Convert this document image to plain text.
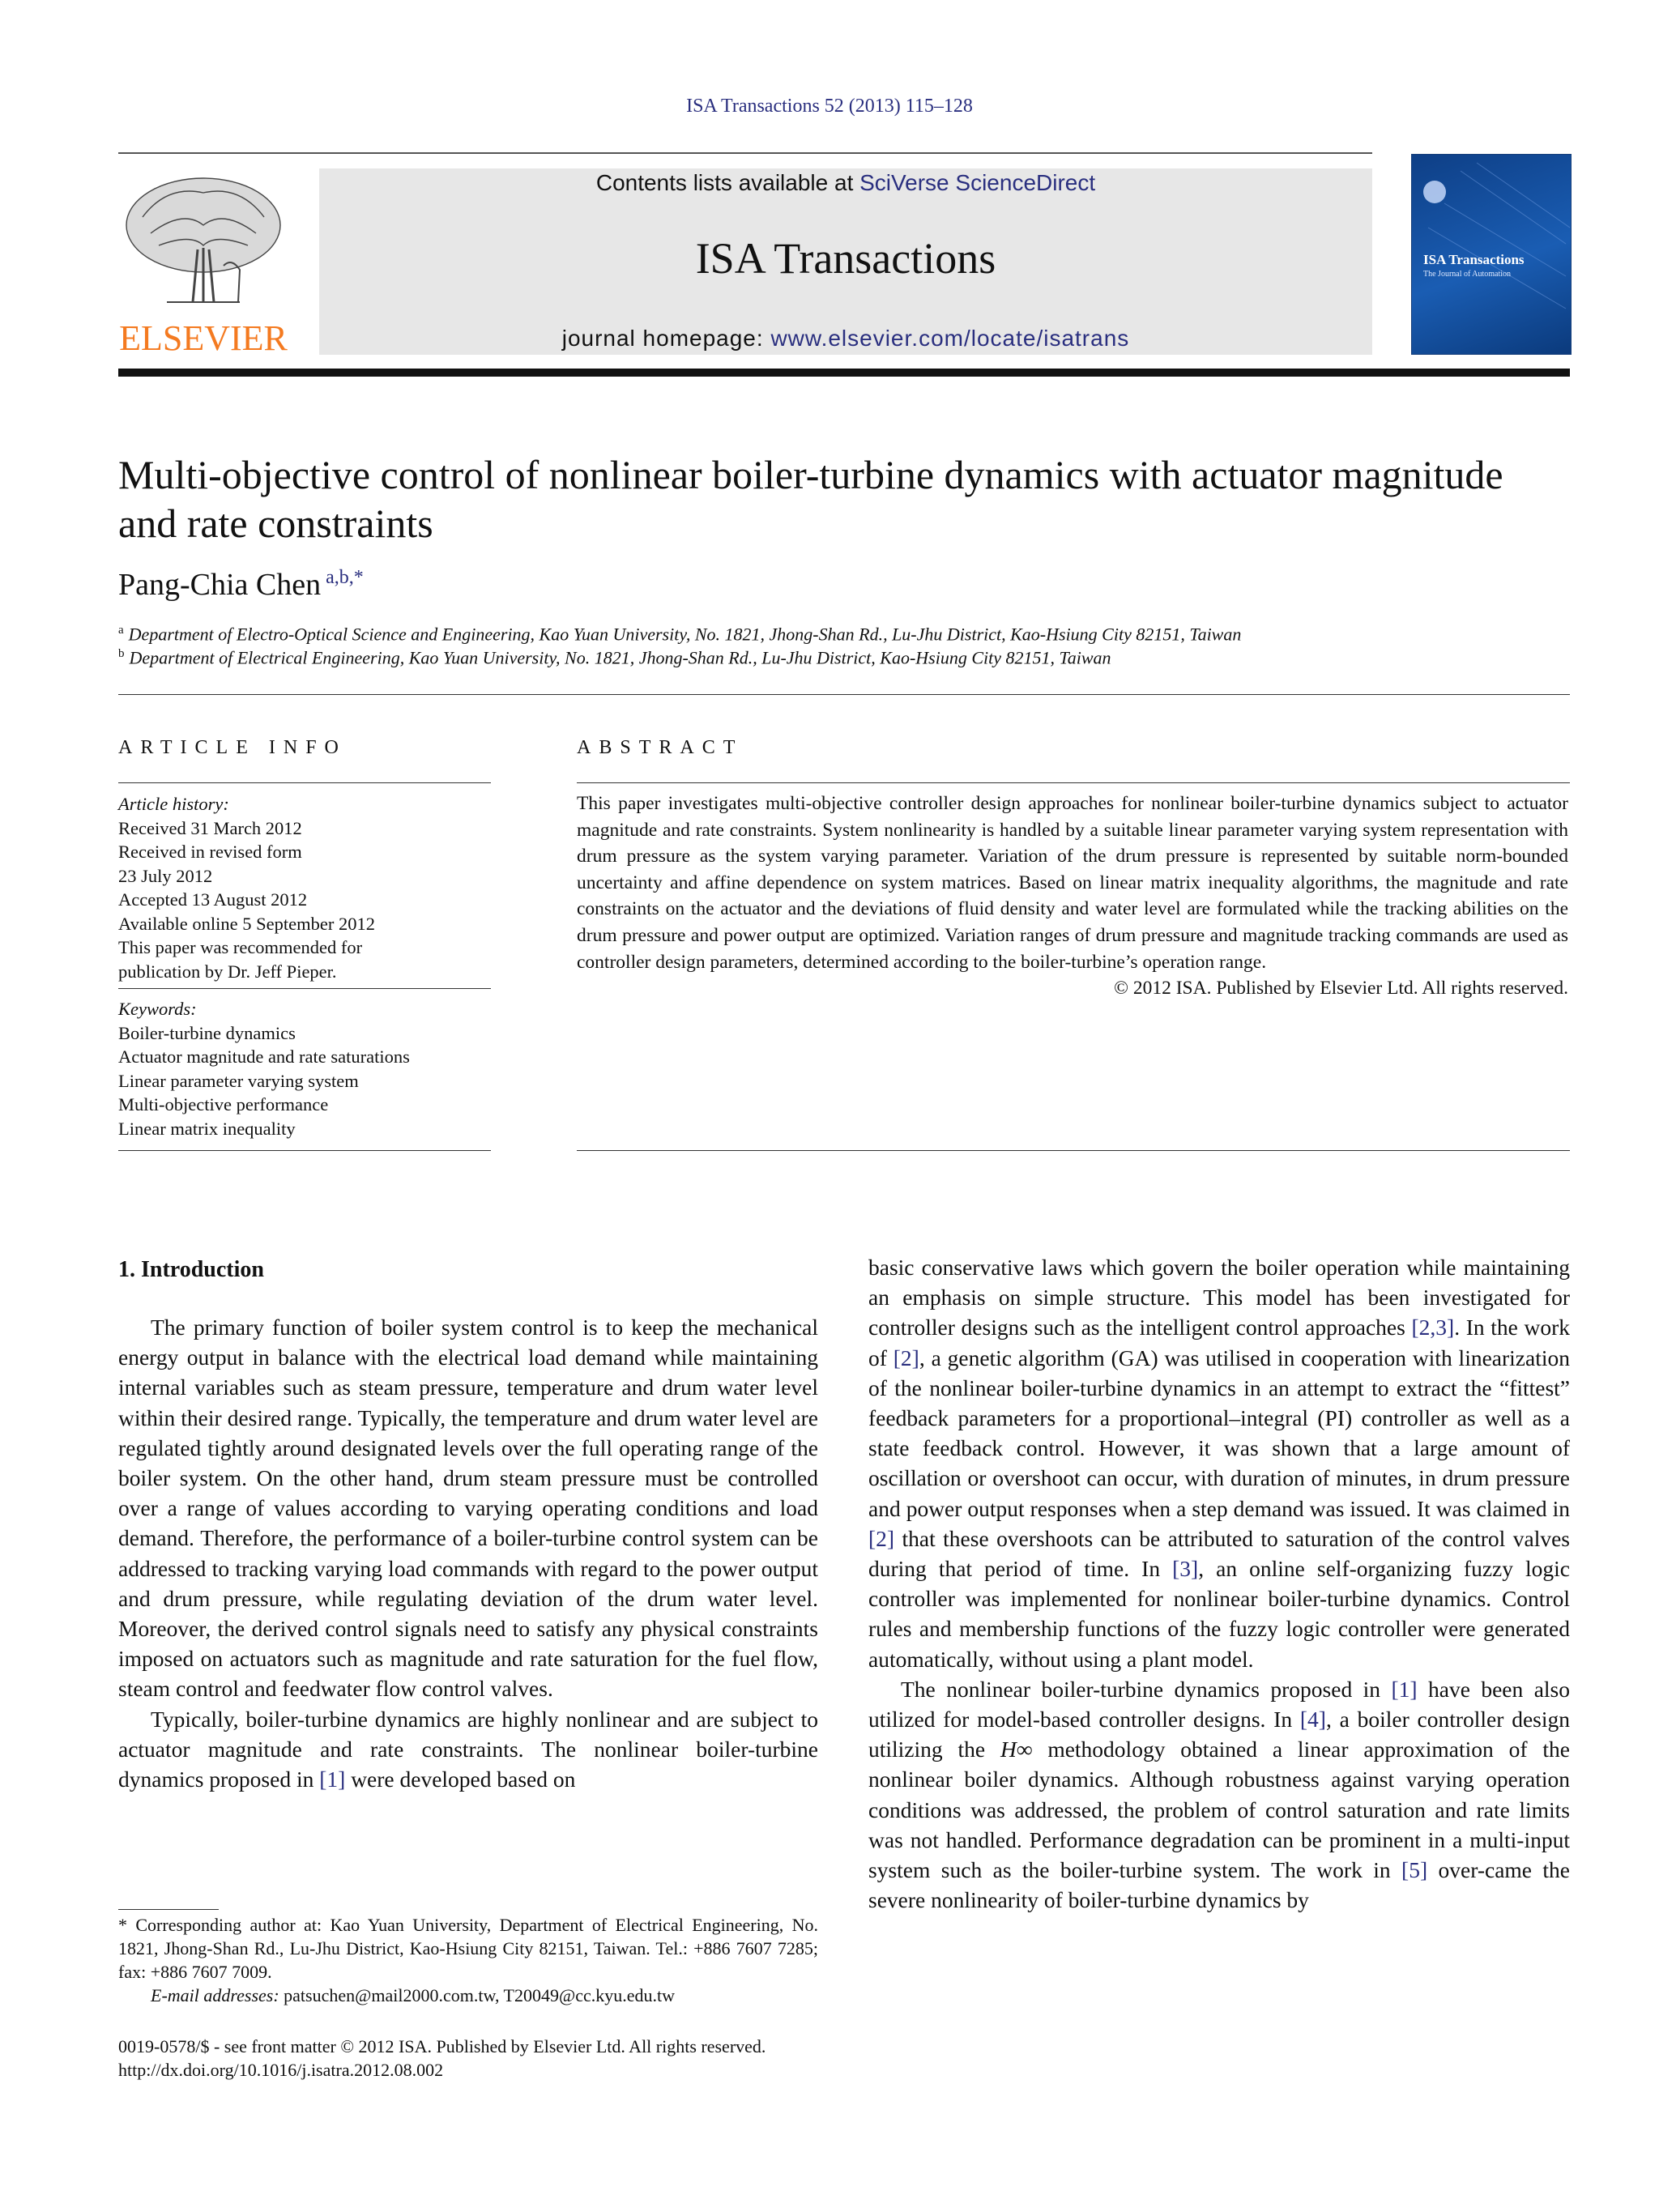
ISA Transactions 52 (2013) 115–128
ELSEVIER
Contents lists available at SciVerse ScienceDirect
ISA Transactions
journal homepage: www.elsevier.com/locate/isatrans
ISA Transactions
The Journal of Automation
Multi-objective control of nonlinear boiler-turbine dynamics with actuator magnitude and rate constraints
Pang-Chia Chen $^{a,b,*}$
$^a$ Department of Electro-Optical Science and Engineering, Kao Yuan University, No. 1821, Jhong-Shan Rd., Lu-Jhu District, Kao-Hsiung City 82151, Taiwan
$^b$ Department of Electrical Engineering, Kao Yuan University, No. 1821, Jhong-Shan Rd., Lu-Jhu District, Kao-Hsiung City 82151, Taiwan
ARTICLE INFO
Article history:
Received 31 March 2012
Received in revised form
23 July 2012
Accepted 13 August 2012
Available online 5 September 2012
This paper was recommended for
publication by Dr. Jeff Pieper.
Keywords:
Boiler-turbine dynamics
Actuator magnitude and rate saturations
Linear parameter varying system
Multi-objective performance
Linear matrix inequality
ABSTRACT
This paper investigates multi-objective controller design approaches for nonlinear boiler-turbine dynamics subject to actuator magnitude and rate constraints. System nonlinearity is handled by a suitable linear parameter varying system representation with drum pressure as the system varying parameter. Variation of the drum pressure is represented by suitable norm-bounded uncertainty and affine dependence on system matrices. Based on linear matrix inequality algorithms, the magnitude and rate constraints on the actuator and the deviations of fluid density and water level are formulated while the tracking abilities on the drum pressure and power output are optimized. Variation ranges of drum pressure and magnitude tracking commands are used as controller design parameters, determined according to the boiler-turbine’s operation range.
© 2012 ISA. Published by Elsevier Ltd. All rights reserved.
1. Introduction

The primary function of boiler system control is to keep the mechanical energy output in balance with the electrical load demand while maintaining internal variables such as steam pressure, temperature and drum water level within their desired range. Typically, the temperature and drum water level are regulated tightly around designated levels over the full operating range of the boiler system. On the other hand, drum steam pressure must be controlled over a range of values according to varying operating conditions and load demand. Therefore, the performance of a boiler-turbine control system can be addressed to tracking varying load commands with regard to the power output and drum pressure, while regulating deviation of the drum water level. Moreover, the derived control signals need to satisfy any physical constraints imposed on actuators such as magnitude and rate saturation for the fuel flow, steam control and feedwater flow control valves.

Typically, boiler-turbine dynamics are highly nonlinear and are subject to actuator magnitude and rate constraints. The nonlinear boiler-turbine dynamics proposed in [1] were developed based on

basic conservative laws which govern the boiler operation while maintaining an emphasis on simple structure. This model has been investigated for controller designs such as the intelligent control approaches [2,3]. In the work of [2], a genetic algorithm (GA) was utilised in cooperation with linearization of the nonlinear boiler-turbine dynamics in an attempt to extract the “fittest” feedback parameters for a proportional–integral (PI) controller as well as a state feedback control. However, it was shown that a large amount of oscillation or overshoot can occur, with duration of minutes, in drum pressure and power output responses when a step demand was issued. It was claimed in [2] that these overshoots can be attributed to saturation of the control valves during that period of time. In [3], an online self-organizing fuzzy logic controller was implemented for nonlinear boiler-turbine dynamics. Control rules and membership functions of the fuzzy logic controller were generated automatically, without using a plant model.

The nonlinear boiler-turbine dynamics proposed in [1] have been also utilized for model-based controller designs. In [4], a boiler controller design utilizing the H∞ methodology obtained a linear approximation of the nonlinear boiler dynamics. Although robustness against varying operation conditions was addressed, the problem of control saturation and rate limits was not handled. Performance degradation can be prominent in a multi-input system such as the boiler-turbine system. The work in [5] over-came the severe nonlinearity of boiler-turbine dynamics by

* Corresponding author at: Kao Yuan University, Department of Electrical Engineering, No. 1821, Jhong-Shan Rd., Lu-Jhu District, Kao-Hsiung City 82151, Taiwan. Tel.: +886 7607 7285; fax: +886 7607 7009.
E-mail addresses: patsuchen@mail2000.com.tw, T20049@cc.kyu.edu.tw
0019-0578/$ - see front matter © 2012 ISA. Published by Elsevier Ltd. All rights reserved.
http://dx.doi.org/10.1016/j.isatra.2012.08.002
